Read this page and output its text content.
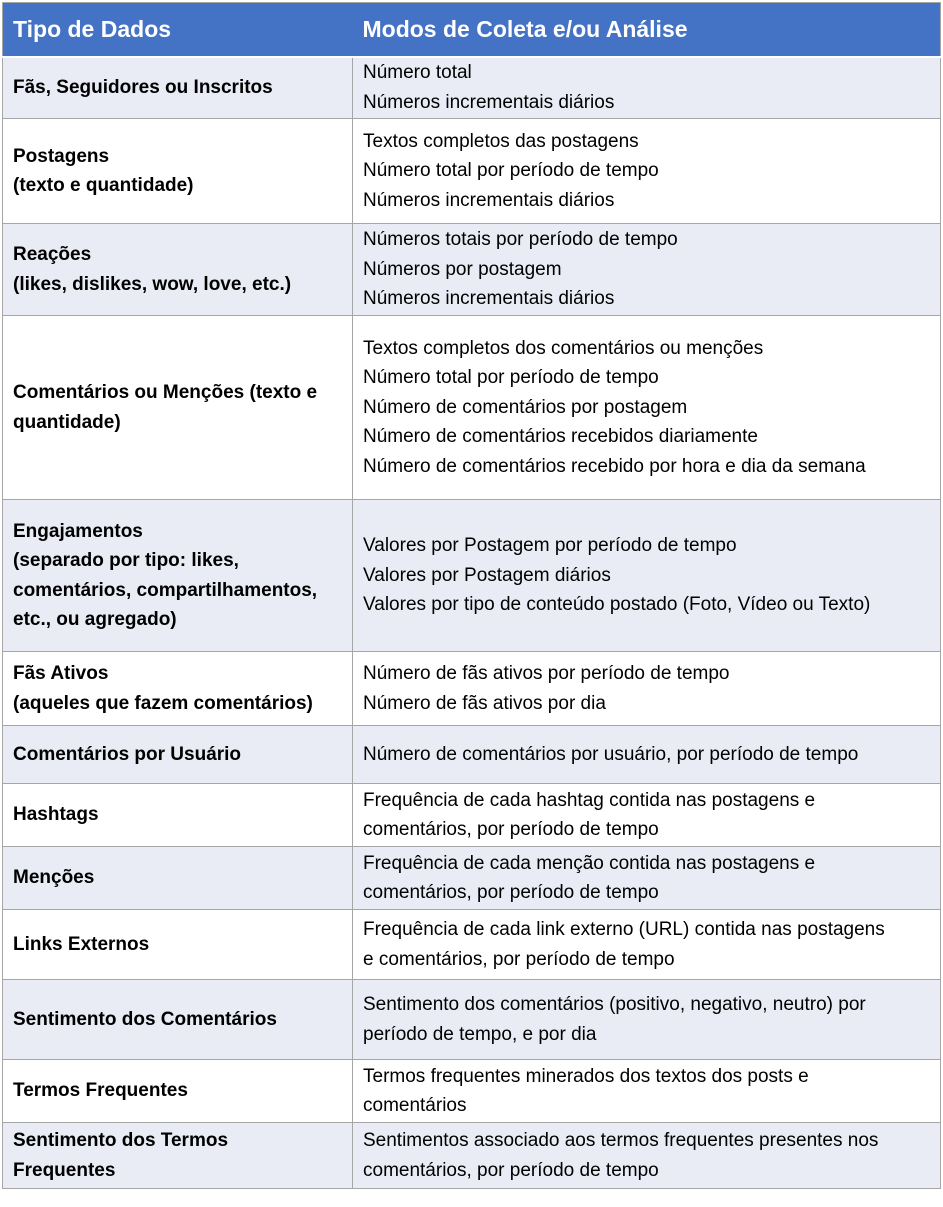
Tipo de Dados	Modos de Coleta e/ou Análise

Fãs, Seguidores ou Inscritos

Número total
Números incrementais diários

Postagens
(texto e quantidade)

Textos completos das postagens
Número total por período de tempo
Números incrementais diários

Reações
(likes, dislikes, wow, love, etc.)

Números totais por período de tempo
Números por postagem
Números incrementais diários

Comentários ou Menções (texto e
quantidade)

Textos completos dos comentários ou menções
Número total por período de tempo
Número de comentários por postagem
Número de comentários recebidos diariamente
Número de comentários recebido por hora e dia da semana

Engajamentos
(separado por tipo: likes,
comentários, compartilhamentos,
etc., ou agregado)

Valores por Postagem por período de tempo
Valores por Postagem diários
Valores por tipo de conteúdo postado (Foto, Vídeo ou Texto)

Fãs Ativos
(aqueles que fazem comentários)

Número de fãs ativos por período de tempo
Número de fãs ativos por dia

Comentários por Usuário	Número de comentários por usuário, por período de tempo

Hashtags

Frequência de cada hashtag contida nas postagens e
comentários, por período de tempo

Menções

Frequência de cada menção contida nas postagens e
comentários, por período de tempo

Links Externos

Frequência de cada link externo (URL) contida nas postagens
e comentários, por período de tempo

Sentimento dos Comentários

Sentimento dos comentários (positivo, negativo, neutro) por
período de tempo, e por dia

Termos Frequentes

Termos frequentes minerados dos textos dos posts e
comentários

Sentimento dos Termos
Frequentes

Sentimentos associado aos termos frequentes presentes nos
comentários, por período de tempo
